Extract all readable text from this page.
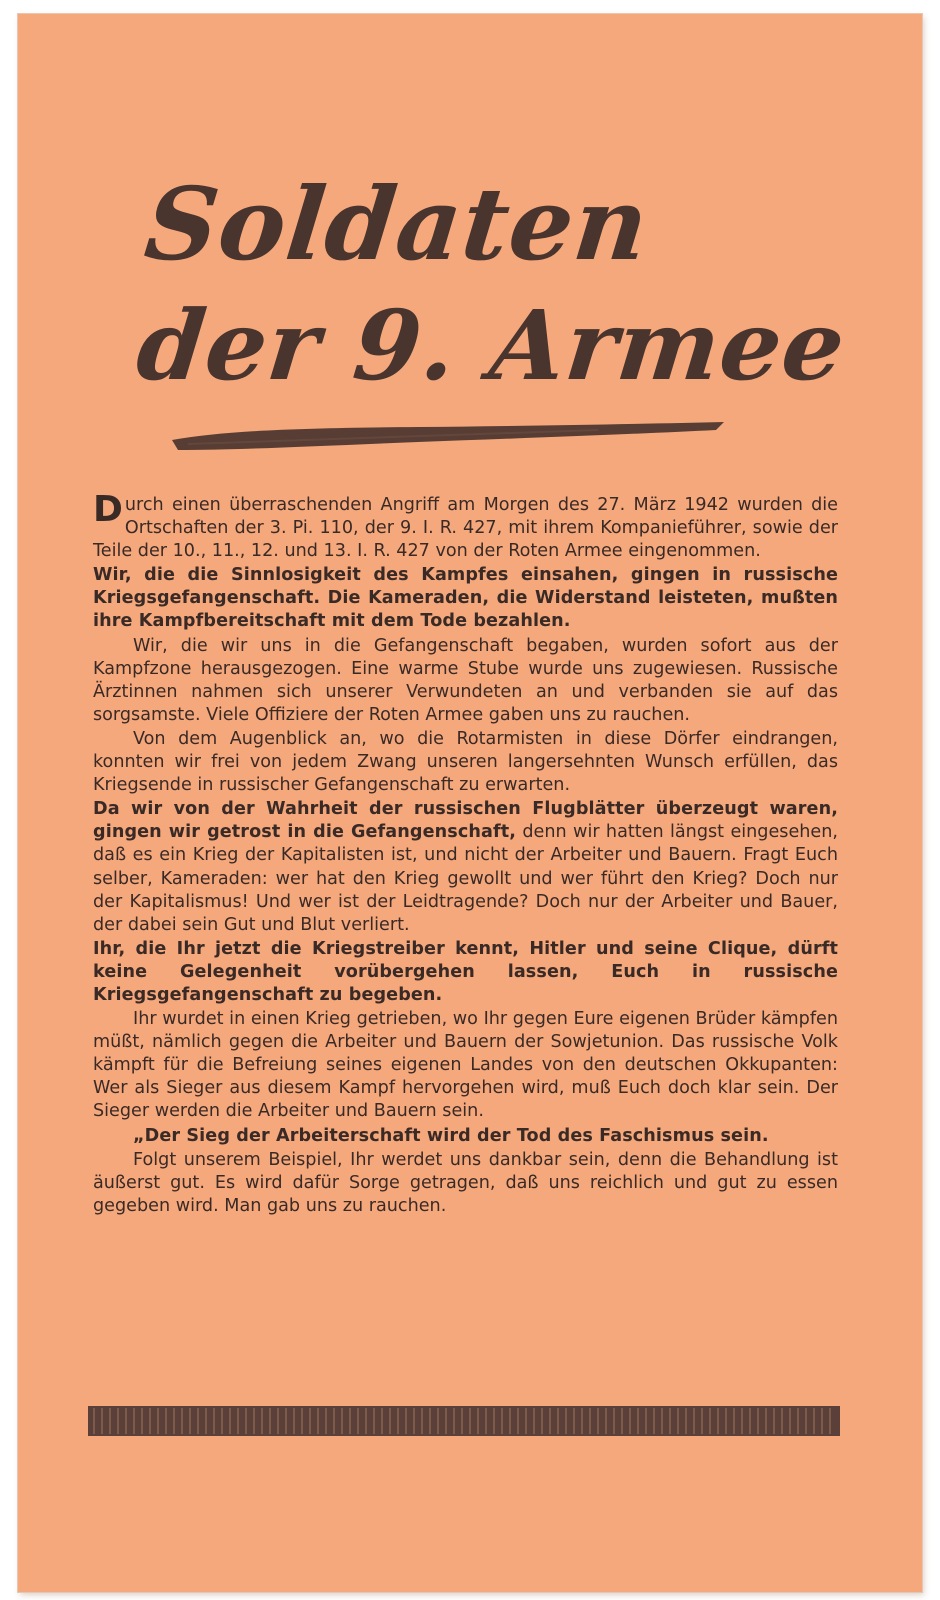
Soldaten
der 9. Armee

Durch einen überraschenden Angriff am Morgen des 27. März 1942 wurden die Ortschaften der 3. Pi. 110, der 9. I. R. 427, mit ihrem Kompanieführer, sowie der Teile der 10., 11., 12. und 13. I. R. 427 von der Roten Armee eingenommen.

Wir, die die Sinnlosigkeit des Kampfes einsahen, gingen in russische Kriegsgefangenschaft. Die Kameraden, die Widerstand leisteten, mußten ihre Kampfbereitschaft mit dem Tode bezahlen.

Wir, die wir uns in die Gefangenschaft begaben, wurden sofort aus der Kampfzone herausgezogen. Eine warme Stube wurde uns zugewiesen. Russische Ärztinnen nahmen sich unserer Verwundeten an und verbanden sie auf das sorgsamste. Viele Offiziere der Roten Armee gaben uns zu rauchen.

Von dem Augenblick an, wo die Rotarmisten in diese Dörfer eindrangen, konnten wir frei von jedem Zwang unseren langersehnten Wunsch erfüllen, das Kriegsende in russischer Gefangenschaft zu erwarten.

Da wir von der Wahrheit der russischen Flugblätter überzeugt waren, gingen wir getrost in die Gefangenschaft, denn wir hatten längst eingesehen, daß es ein Krieg der Kapitalisten ist, und nicht der Arbeiter und Bauern. Fragt Euch selber, Kameraden: wer hat den Krieg gewollt und wer führt den Krieg? Doch nur der Kapitalismus! Und wer ist der Leidtragende? Doch nur der Arbeiter und Bauer, der dabei sein Gut und Blut verliert.

Ihr, die Ihr jetzt die Kriegstreiber kennt, Hitler und seine Clique, dürft keine Gelegenheit vorübergehen lassen, Euch in russische Kriegsgefangenschaft zu begeben.

Ihr wurdet in einen Krieg getrieben, wo Ihr gegen Eure eigenen Brüder kämpfen müßt, nämlich gegen die Arbeiter und Bauern der Sowjetunion. Das russische Volk kämpft für die Befreiung seines eigenen Landes von den deutschen Okkupanten: Wer als Sieger aus diesem Kampf hervorgehen wird, muß Euch doch klar sein. Der Sieger werden die Arbeiter und Bauern sein.

„Der Sieg der Arbeiterschaft wird der Tod des Faschismus sein.

Folgt unserem Beispiel, Ihr werdet uns dankbar sein, denn die Behandlung ist äußerst gut. Es wird dafür Sorge getragen, daß uns reichlich und gut zu essen gegeben wird. Man gab uns zu rauchen.
